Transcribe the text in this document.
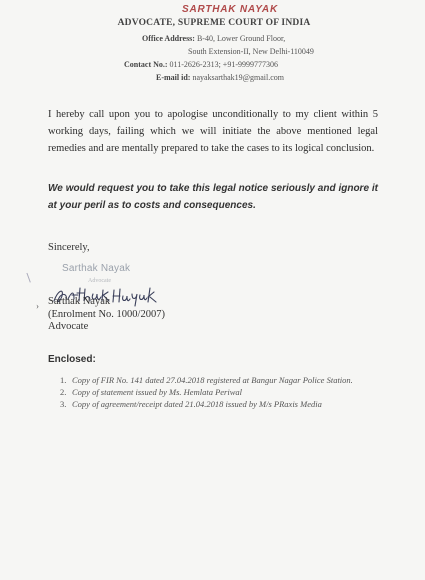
SARTHAK NAYAK
ADVOCATE, SUPREME COURT OF INDIA
Office Address: B-40, Lower Ground Floor,
South Extension-II, New Delhi-110049
Contact No.: 011-2626-2313; +91-9999777306
E-mail id: nayaksarthak19@gmail.com
I hereby call upon you to apologise unconditionally to my client within 5 working days, failing which we will initiate the above mentioned legal remedies and are mentally prepared to take the cases to its logical conclusion.
We would request you to take this legal notice seriously and ignore it at your peril as to costs and consequences.
Sincerely,
Sarthak Nayak
Advocate
Sarthak Nayak
›
(Enrolment No. 1000/2007)
Advocate
Enclosed:
1. Copy of FIR No. 141 dated 27.04.2018 registered at Bangur Nagar Police Station.
2. Copy of statement issued by Ms. Hemlata Periwal
3. Copy of agreement/receipt dated 21.04.2018 issued by M/s PRaxis Media
